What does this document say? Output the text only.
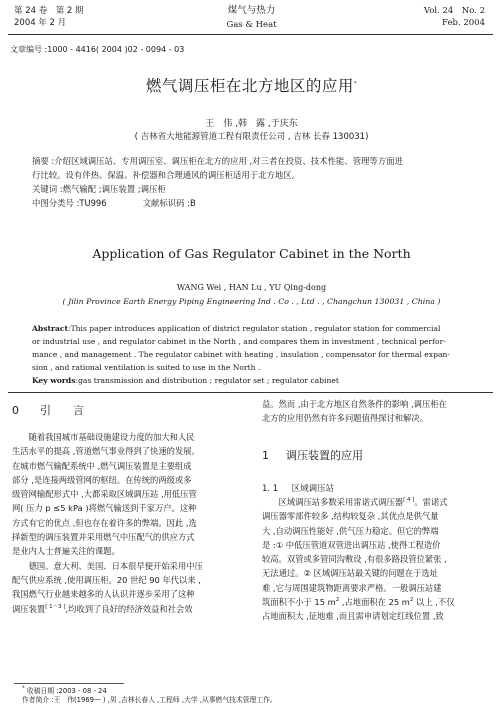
第 24 卷　第 2 期
2004 年 2 月
煤气与热力
Gas & Heat
Vol. 24　No. 2
Feb. 2004
文章编号 :1000 - 4416( 2004 )02 - 0094 - 03
燃气调压柜在北方地区的应用*
王　伟 ,韩　露 ,于庆东
( 吉林省大地能源管道工程有限责任公司 , 吉林 长春 130031)
摘要 :介绍区域调压站、专用调压室、调压柜在北方的应用 ,对三者在投资、技术性能、管理等方面进
行比较。设有伴热、保温、补偿器和合理通风的调压柜适用于北方地区。
关键词 :燃气输配 ;调压装置 ;调压柜
中图分类号 :TU996	文献标识码 :B
Application of Gas Regulator Cabinet in the North
WANG Wei , HAN Lu , YU Qing-dong
( Jilin Province Earth Energy Piping Engineering Ind . Co . , Ltd . , Changchun 130031 , China )
Abstract:This paper introduces application of district regulator station , regulator station for commercial
or industrial use , and regulator cabinet in the North , and compares them in investment , technical perfor-
mance , and management . The regulator cabinet with heating , insulation , compensator for thermal expan-
sion , and rational ventilation is suited to use in the North .
Key words:gas transmission and distribution ; regulator set ; regulator cabinet
0 引　　言

随着我国城市基础设施建设力度的加大和人民

生活水平的提高 ,管道燃气事业得到了快速的发展。
在城市燃气输配系统中 ,燃气调压装置是主要组成
部分 ,是连接两级管网的枢纽。在传统的两级或多
级管网输配形式中 ,大都采取区域调压站 ,用低压管
网( 压力 p ≤5 kPa )将燃气输送到千家万户。这种
方式有它的优点 ,但也存在着许多的弊端。因此 ,选
择新型的调压装置并采用燃气中压配气的供应方式
是业内人士普遍关注的课题。

德国、意大利、美国、日本很早便开始采用中压

配气供应系统 ,使用调压柜。20 世纪 90 年代以来 ,
我国燃气行业越来越多的人认识并逐步采用了这种
调压装置[ 1～3 ],均收到了良好的经济效益和社会效
益。然而 ,由于北方地区自然条件的影响 ,调压柜在
北方的应用仍然有许多问题值得探讨和解决。
1 调压装置的应用
1. 1 区域调压站

区域调压站多数采用雷诺式调压器[ 4 ]。雷诺式

调压器零部件较多 ,结构较复杂 ,其优点是供气量
大 ,自动调压性能好 ,供气压力稳定。但它的弊端
是 :① 中低压管道双管进出调压站 ,使得工程造价
较高。双管或多管同沟敷设 ,有很多路段管位紧张 ,
无法通过。② 区域调压站最关键的问题在于选址
难 ,它与周围建筑物距离要求严格。一般调压站建
筑面积不小于 15 $m^2$ ,占地面积在 25 $m^2$ 以上 ,不仅
占地面积大 ,征地难 ,而且需申请划定红线位置 ,致
* 收稿日期 :2003 - 08 - 24
作者简介 :王　伟(1969— ) ,男 ,吉林长春人 ,工程师 ,大学 ,从事燃气技术管理工作。
